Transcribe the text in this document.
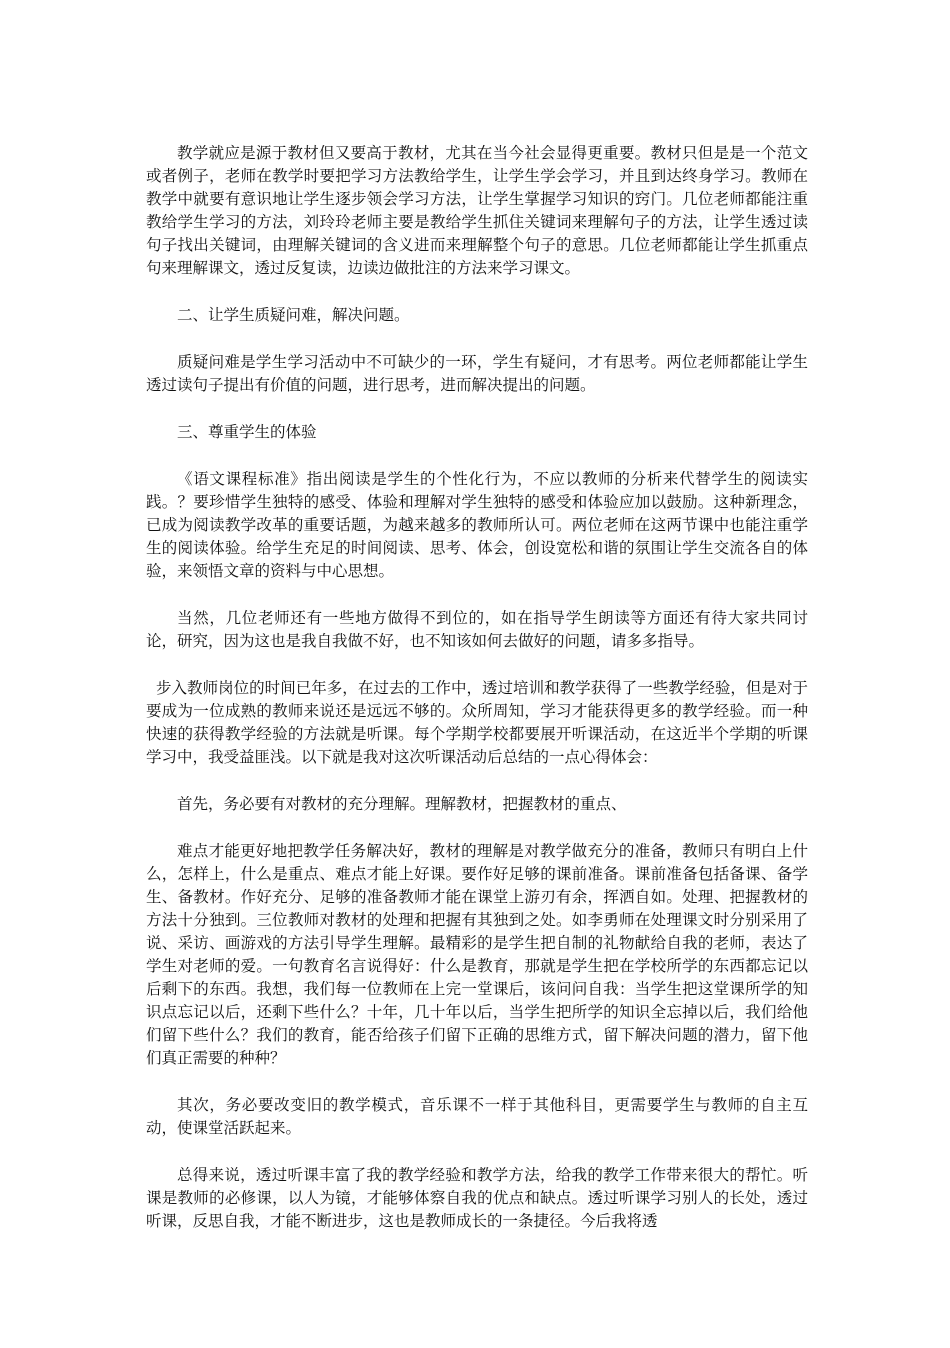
教学就应是源于教材但又要高于教材，尤其在当今社会显得更重要。教材只但是是一个范文或者例子，老师在教学时要把学习方法教给学生，让学生学会学习，并且到达终身学习。教师在教学中就要有意识地让学生逐步领会学习方法，让学生掌握学习知识的窍门。几位老师都能注重教给学生学习的方法，刘玲玲老师主要是教给学生抓住关键词来理解句子的方法，让学生透过读句子找出关键词，由理解关键词的含义进而来理解整个句子的意思。几位老师都能让学生抓重点句来理解课文，透过反复读，边读边做批注的方法来学习课文。

二、让学生质疑问难，解决问题。

质疑问难是学生学习活动中不可缺少的一环，学生有疑问，才有思考。两位老师都能让学生透过读句子提出有价值的问题，进行思考，进而解决提出的问题。

三、尊重学生的体验

《语文课程标准》指出阅读是学生的个性化行为，不应以教师的分析来代替学生的阅读实践。？要珍惜学生独特的感受、体验和理解对学生独特的感受和体验应加以鼓励。这种新理念，已成为阅读教学改革的重要话题，为越来越多的教师所认可。两位老师在这两节课中也能注重学生的阅读体验。给学生充足的时间阅读、思考、体会，创设宽松和谐的氛围让学生交流各自的体验，来领悟文章的资料与中心思想。

当然，几位老师还有一些地方做得不到位的，如在指导学生朗读等方面还有待大家共同讨论，研究，因为这也是我自我做不好，也不知该如何去做好的问题，请多多指导。

步入教师岗位的时间已年多，在过去的工作中，透过培训和教学获得了一些教学经验，但是对于要成为一位成熟的教师来说还是远远不够的。众所周知，学习才能获得更多的教学经验。而一种快速的获得教学经验的方法就是听课。每个学期学校都要展开听课活动，在这近半个学期的听课学习中，我受益匪浅。以下就是我对这次听课活动后总结的一点心得体会：

首先，务必要有对教材的充分理解。理解教材，把握教材的重点、

难点才能更好地把教学任务解决好，教材的理解是对教学做充分的准备，教师只有明白上什么，怎样上，什么是重点、难点才能上好课。要作好足够的课前准备。课前准备包括备课、备学生、备教材。作好充分、足够的准备教师才能在课堂上游刃有余，挥洒自如。处理、把握教材的方法十分独到。三位教师对教材的处理和把握有其独到之处。如李勇师在处理课文时分别采用了说、采访、画游戏的方法引导学生理解。最精彩的是学生把自制的礼物献给自我的老师，表达了学生对老师的爱。一句教育名言说得好：什么是教育，那就是学生把在学校所学的东西都忘记以后剩下的东西。我想，我们每一位教师在上完一堂课后，该问问自我：当学生把这堂课所学的知识点忘记以后，还剩下些什么？十年，几十年以后，当学生把所学的知识全忘掉以后，我们给他们留下些什么？我们的教育，能否给孩子们留下正确的思维方式，留下解决问题的潜力，留下他们真正需要的种种？

其次，务必要改变旧的教学模式，音乐课不一样于其他科目，更需要学生与教师的自主互动，使课堂活跃起来。

总得来说，透过听课丰富了我的教学经验和教学方法，给我的教学工作带来很大的帮忙。听课是教师的必修课，以人为镜，才能够体察自我的优点和缺点。透过听课学习别人的长处，透过听课，反思自我，才能不断进步，这也是教师成长的一条捷径。今后我将透
